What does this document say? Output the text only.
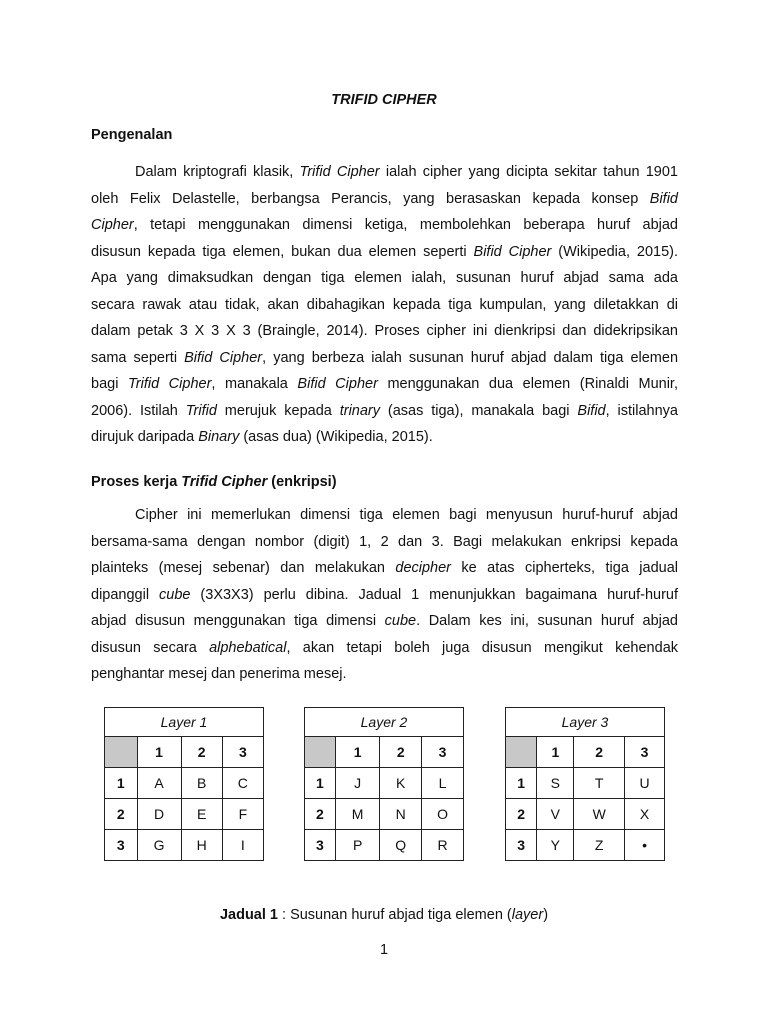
TRIFID CIPHER
Pengenalan
Dalam kriptografi klasik, Trifid Cipher ialah cipher yang dicipta sekitar tahun 1901
oleh Felix Delastelle, berbangsa Perancis, yang berasaskan kepada konsep Bifid
Cipher, tetapi menggunakan dimensi ketiga, membolehkan beberapa huruf abjad
disusun kepada tiga elemen, bukan dua elemen seperti Bifid Cipher (Wikipedia, 2015).
Apa yang dimaksudkan dengan tiga elemen ialah, susunan huruf abjad sama ada
secara rawak atau tidak, akan dibahagikan kepada tiga kumpulan, yang diletakkan di
dalam petak 3 X 3 X 3 (Braingle, 2014). Proses cipher ini dienkripsi dan didekripsikan
sama seperti Bifid Cipher, yang berbeza ialah susunan huruf abjad dalam tiga elemen
bagi Trifid Cipher, manakala Bifid Cipher menggunakan dua elemen (Rinaldi Munir,
2006). Istilah Trifid merujuk kepada trinary (asas tiga), manakala bagi Bifid, istilahnya
dirujuk daripada Binary (asas dua) (Wikipedia, 2015).
Proses kerja Trifid Cipher (enkripsi)
Cipher ini memerlukan dimensi tiga elemen bagi menyusun huruf-huruf abjad
bersama-sama dengan nombor (digit) 1, 2 dan 3. Bagi melakukan enkripsi kepada
plainteks (mesej sebenar) dan melakukan decipher ke atas cipherteks, tiga jadual
dipanggil cube (3X3X3) perlu dibina. Jadual 1 menunjukkan bagaimana huruf-huruf
abjad disusun menggunakan tiga dimensi cube. Dalam kes ini, susunan huruf abjad
disusun secara alphebatical, akan tetapi boleh juga disusun mengikut kehendak
penghantar mesej dan penerima mesej.
Layer 1			
	1	2	3
1	A	B	C
2	D	E	F
3	G	H	I
Layer 2			
	1	2	3
1	J	K	L
2	M	N	O
3	P	Q	R
Layer 3			
	1	2	3
1	S	T	U
2	V	W	X
3	Y	Z	•
Jadual 1 : Susunan huruf abjad tiga elemen (layer)
1
